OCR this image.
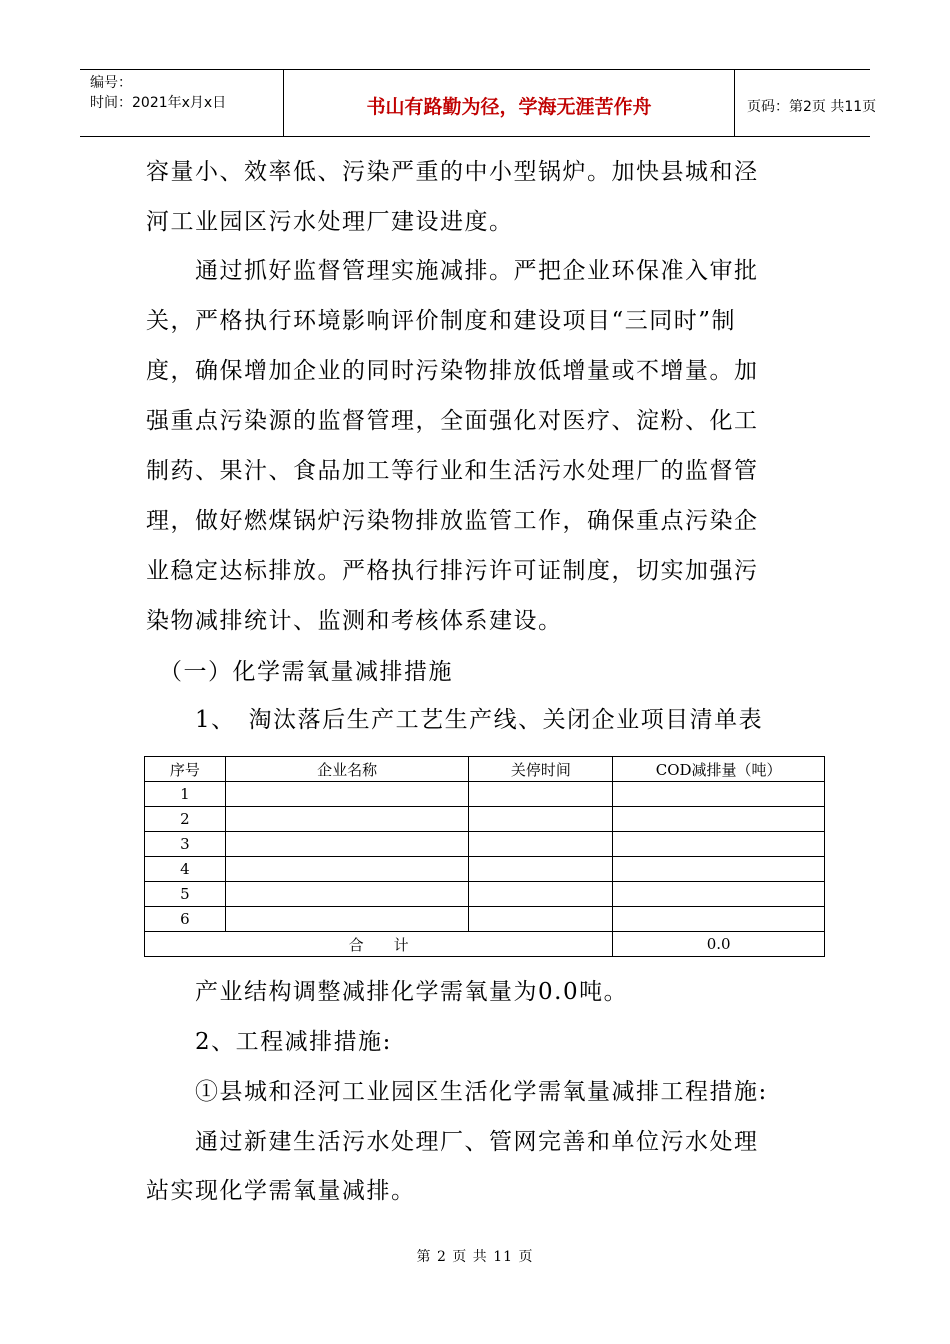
编号：
时间：2021年x月x日	书山有路勤为径，学海无涯苦作舟	页码：第2页 共11页
容量小、效率低、污染严重的中小型锅炉。加快县城和泾
河工业园区污水处理厂建设进度。
　　通过抓好监督管理实施减排。严把企业环保准入审批
关，严格执行环境影响评价制度和建设项目“三同时”制
度，确保增加企业的同时污染物排放低增量或不增量。加
强重点污染源的监督管理，全面强化对医疗、淀粉、化工
制药、果汁、食品加工等行业和生活污水处理厂的监督管
理，做好燃煤锅炉污染物排放监管工作，确保重点污染企
业稳定达标排放。严格执行排污许可证制度，切实加强污
染物减排统计、监测和考核体系建设。
　（一）化学需氧量减排措施
　　1、　淘汰落后生产工艺生产线、关闭企业项目清单表
序号	企业名称	关停时间	COD减排量（吨）
1			
2			
3			
4			
5			
6			
合　　计			0.0
　　产业结构调整减排化学需氧量为0.0吨。
　　2、工程减排措施:
　　①县城和泾河工业园区生活化学需氧量减排工程措施:
　　通过新建生活污水处理厂、管网完善和单位污水处理
站实现化学需氧量减排。
第 2 页 共 11 页
